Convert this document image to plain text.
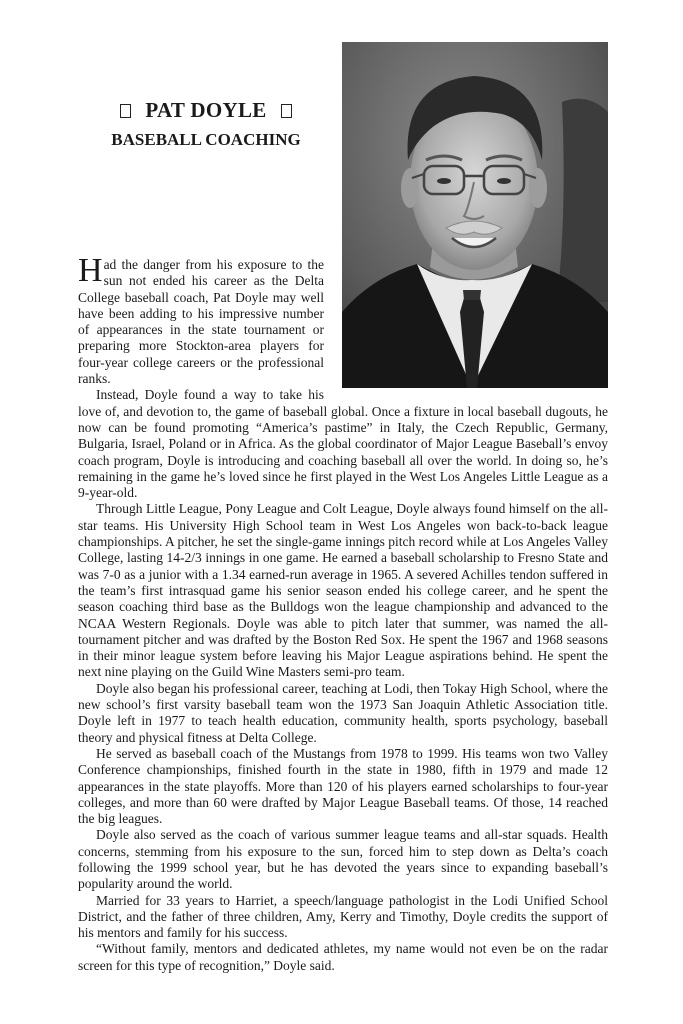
PAT DOYLE
BASEBALL COACHING

Had the danger from his exposure to the sun not ended his career as the Delta College baseball coach, Pat Doyle may well have been adding to his impressive number of appearances in the state tournament or preparing more Stockton-area players for four-year college careers or the professional ranks.

Instead, Doyle found a way to take his love of, and devotion to, the game of baseball global. Once a fixture in local baseball dugouts, he now can be found promoting “America’s pastime” in Italy, the Czech Republic, Germany, Bulgaria, Israel, Poland or in Africa. As the global coordinator of Major League Baseball’s envoy coach program, Doyle is introducing and coaching baseball all over the world. In doing so, he’s remaining in the game he’s loved since he first played in the West Los Angeles Little League as a 9-year-old.

Through Little League, Pony League and Colt League, Doyle always found himself on the all-star teams. His University High School team in West Los Angeles won back-to-back league championships. A pitcher, he set the single-game innings pitch record while at Los Angeles Valley College, lasting 14-2/3 innings in one game. He earned a baseball scholarship to Fresno State and was 7-0 as a junior with a 1.34 earned-run average in 1965. A severed Achilles tendon suffered in the team’s first intrasquad game his senior season ended his college career, and he spent the season coaching third base as the Bulldogs won the league championship and advanced to the NCAA Western Regionals. Doyle was able to pitch later that summer, was named the all-tournament pitcher and was drafted by the Boston Red Sox. He spent the 1967 and 1968 seasons in their minor league system before leaving his Major League aspirations behind. He spent the next nine playing on the Guild Wine Masters semi-pro team.

Doyle also began his professional career, teaching at Lodi, then Tokay High School, where the new school’s first varsity baseball team won the 1973 San Joaquin Athletic Association title. Doyle left in 1977 to teach health education, community health, sports psychology, baseball theory and physical fitness at Delta College.

He served as baseball coach of the Mustangs from 1978 to 1999. His teams won two Valley Conference championships, finished fourth in the state in 1980, fifth in 1979 and made 12 appearances in the state playoffs. More than 120 of his players earned scholarships to four-year colleges, and more than 60 were drafted by Major League Baseball teams. Of those, 14 reached the big leagues.

Doyle also served as the coach of various summer league teams and all-star squads. Health concerns, stemming from his exposure to the sun, forced him to step down as Delta’s coach following the 1999 school year, but he has devoted the years since to expanding baseball’s popularity around the world.

Married for 33 years to Harriet, a speech/language pathologist in the Lodi Unified School District, and the father of three children, Amy, Kerry and Timothy, Doyle credits the support of his mentors and family for his success.

“Without family, mentors and dedicated athletes, my name would not even be on the radar screen for this type of recognition,” Doyle said.
